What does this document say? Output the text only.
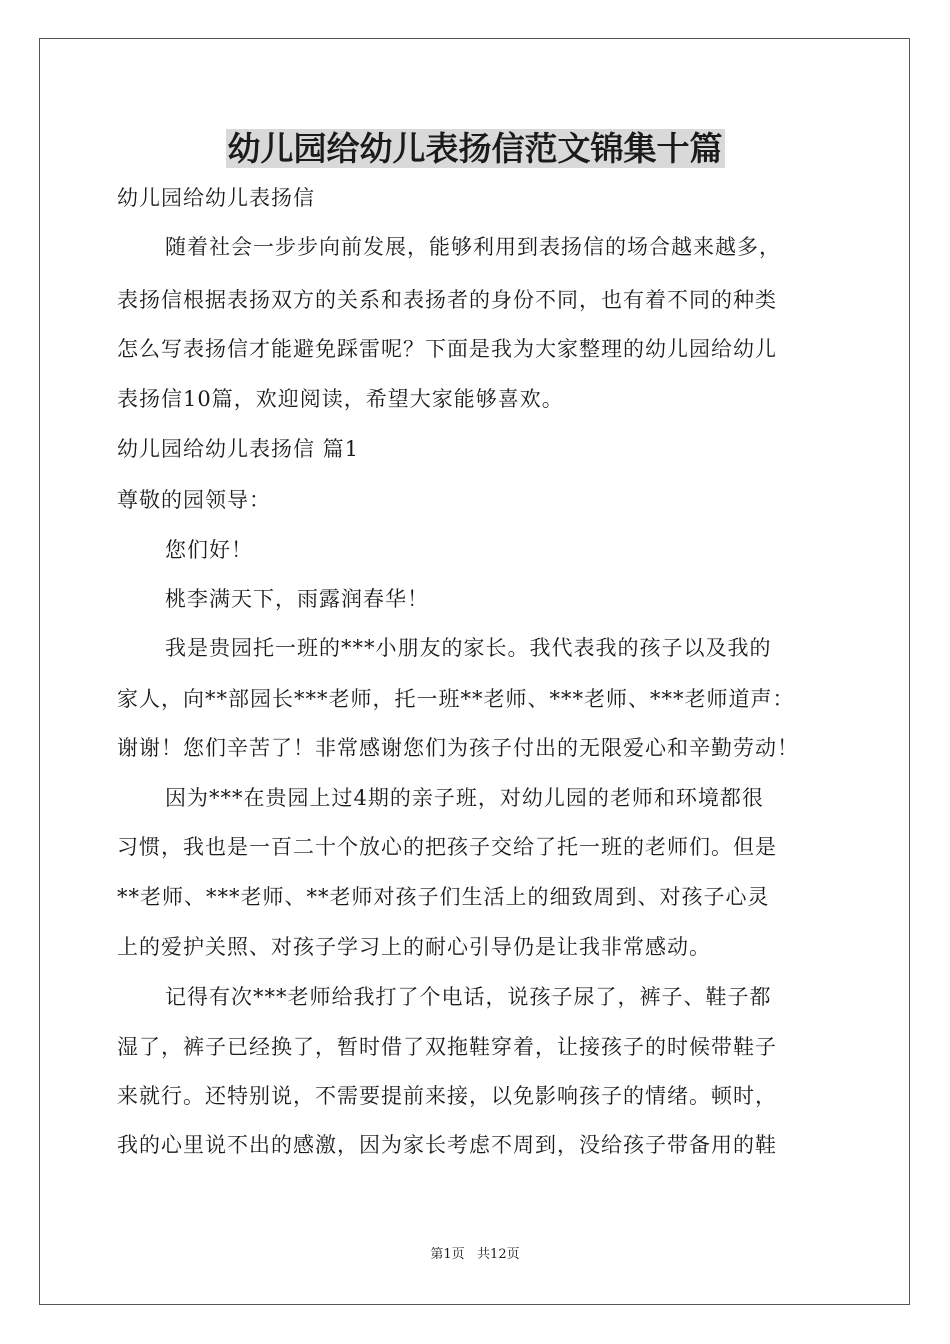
幼儿园给幼儿表扬信范文锦集十篇
幼儿园给幼儿表扬信
随着社会一步步向前发展，能够利用到表扬信的场合越来越多，
表扬信根据表扬双方的关系和表扬者的身份不同，也有着不同的种类
怎么写表扬信才能避免踩雷呢？下面是我为大家整理的幼儿园给幼儿
表扬信10篇，欢迎阅读，希望大家能够喜欢。
幼儿园给幼儿表扬信 篇1
尊敬的园领导：
您们好！
桃李满天下，雨露润春华！
我是贵园托一班的***小朋友的家长。我代表我的孩子以及我的
家人，向**部园长***老师，托一班**老师、***老师、***老师道声：
谢谢！您们辛苦了！非常感谢您们为孩子付出的无限爱心和辛勤劳动！
因为***在贵园上过4期的亲子班，对幼儿园的老师和环境都很
习惯，我也是一百二十个放心的把孩子交给了托一班的老师们。但是
**老师、***老师、**老师对孩子们生活上的细致周到、对孩子心灵
上的爱护关照、对孩子学习上的耐心引导仍是让我非常感动。
记得有次***老师给我打了个电话，说孩子尿了，裤子、鞋子都
湿了，裤子已经换了，暂时借了双拖鞋穿着，让接孩子的时候带鞋子
来就行。还特别说，不需要提前来接，以免影响孩子的情绪。顿时，
我的心里说不出的感激，因为家长考虑不周到，没给孩子带备用的鞋
第1页   共12页
